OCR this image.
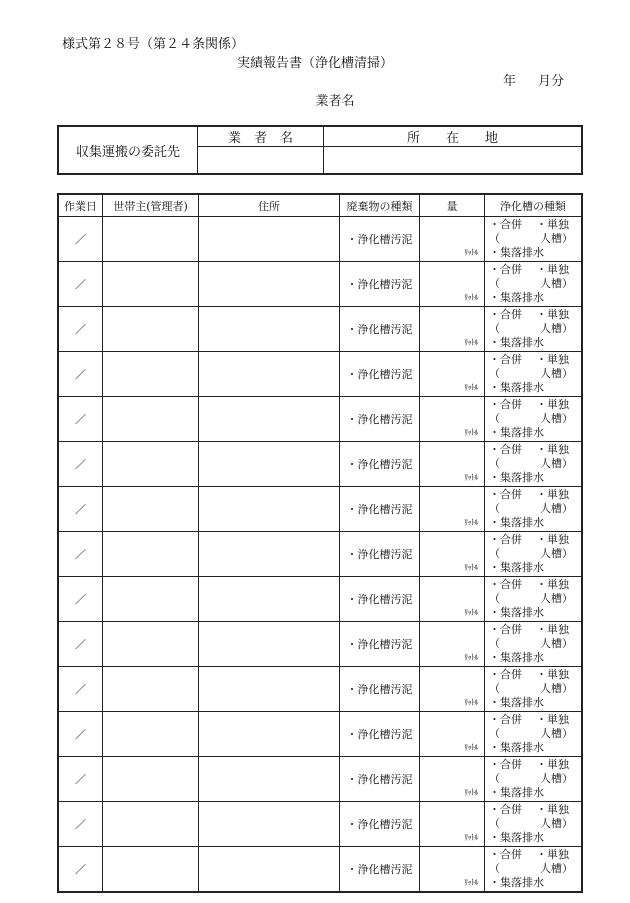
様式第２８号（第２４条関係）
実績報告書（浄化槽清掃）
年 月分
業者名
収集運搬の委託先	業　者　名	所　　在　　地

作業日	世帯主(管理者)	住所	廃棄物の種類	量	浄化槽の種類
／			・浄化槽汚泥	ﾘｯﾄﾙ	・合併 ・単独
（ 人槽）
・集落排水

／			・浄化槽汚泥	ﾘｯﾄﾙ	・合併 ・単独
（ 人槽）
・集落排水

／			・浄化槽汚泥	ﾘｯﾄﾙ	・合併 ・単独
（ 人槽）
・集落排水

／			・浄化槽汚泥	ﾘｯﾄﾙ	・合併 ・単独
（ 人槽）
・集落排水

／			・浄化槽汚泥	ﾘｯﾄﾙ	・合併 ・単独
（ 人槽）
・集落排水

／			・浄化槽汚泥	ﾘｯﾄﾙ	・合併 ・単独
（ 人槽）
・集落排水

／			・浄化槽汚泥	ﾘｯﾄﾙ	・合併 ・単独
（ 人槽）
・集落排水

／			・浄化槽汚泥	ﾘｯﾄﾙ	・合併 ・単独
（ 人槽）
・集落排水

／			・浄化槽汚泥	ﾘｯﾄﾙ	・合併 ・単独
（ 人槽）
・集落排水

／			・浄化槽汚泥	ﾘｯﾄﾙ	・合併 ・単独
（ 人槽）
・集落排水

／			・浄化槽汚泥	ﾘｯﾄﾙ	・合併 ・単独
（ 人槽）
・集落排水

／			・浄化槽汚泥	ﾘｯﾄﾙ	・合併 ・単独
（ 人槽）
・集落排水

／			・浄化槽汚泥	ﾘｯﾄﾙ	・合併 ・単独
（ 人槽）
・集落排水

／			・浄化槽汚泥	ﾘｯﾄﾙ	・合併 ・単独
（ 人槽）
・集落排水

／			・浄化槽汚泥	ﾘｯﾄﾙ	・合併 ・単独
（ 人槽）
・集落排水
